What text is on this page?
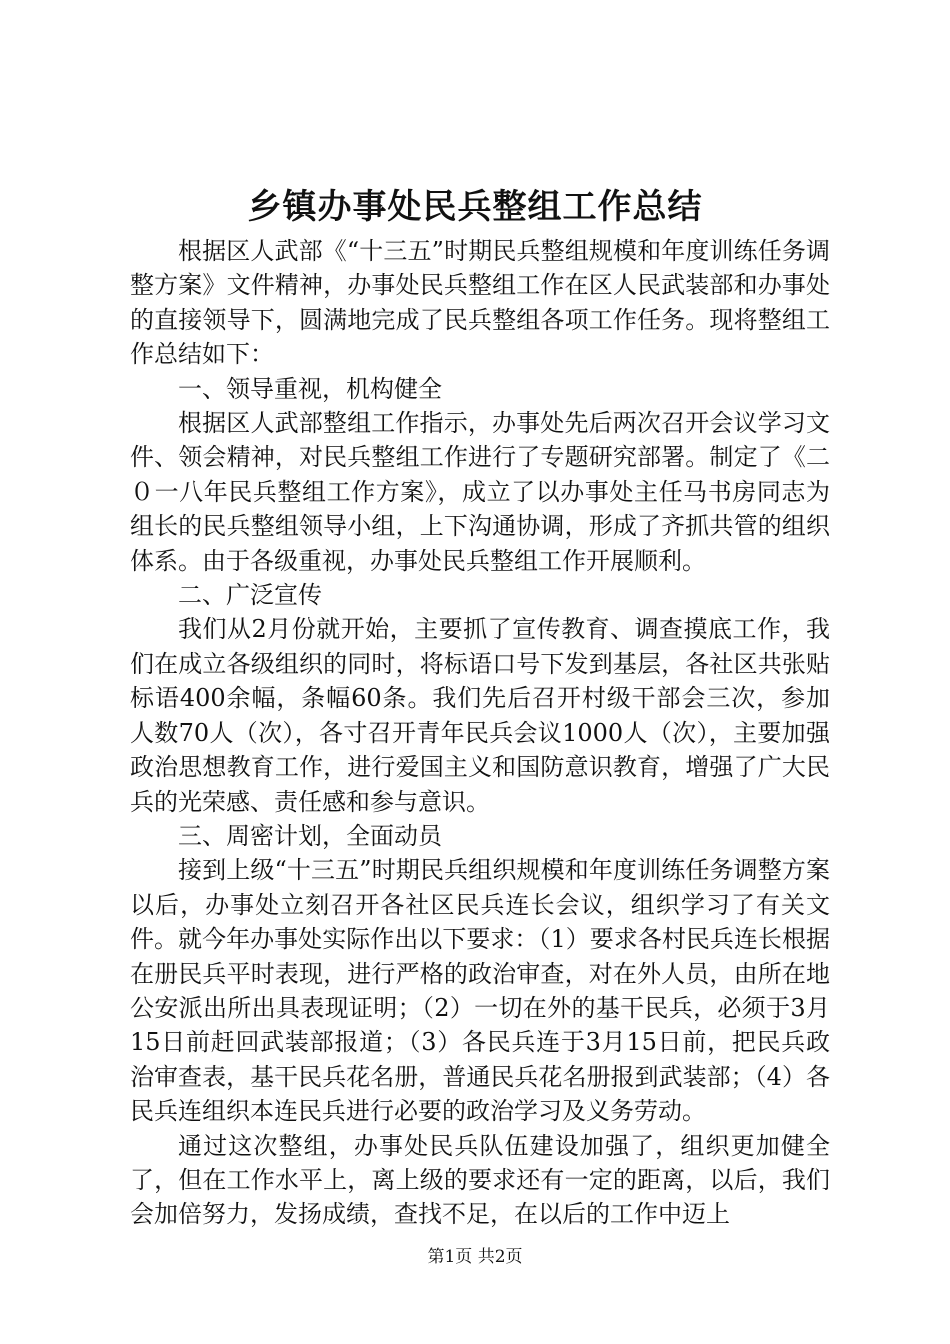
乡镇办事处民兵整组工作总结

根据区人武部《“十三五”时期民兵整组规模和年度训练任务调整方案》文件精神，办事处民兵整组工作在区人民武装部和办事处的直接领导下，圆满地完成了民兵整组各项工作任务。现将整组工作总结如下：

一、领导重视，机构健全

根据区人武部整组工作指示，办事处先后两次召开会议学习文件、领会精神，对民兵整组工作进行了专题研究部署。制定了《二０一八年民兵整组工作方案》，成立了以办事处主任马书房同志为组长的民兵整组领导小组，上下沟通协调，形成了齐抓共管的组织体系。由于各级重视，办事处民兵整组工作开展顺利。

二、广泛宣传

我们从2月份就开始，主要抓了宣传教育、调查摸底工作，我们在成立各级组织的同时，将标语口号下发到基层，各社区共张贴标语400余幅，条幅60条。我们先后召开村级干部会三次，参加人数70人（次），各寸召开青年民兵会议1000人（次），主要加强政治思想教育工作，进行爱国主义和国防意识教育，增强了广大民兵的光荣感、责任感和参与意识。

三、周密计划，全面动员

接到上级“十三五”时期民兵组织规模和年度训练任务调整方案以后，办事处立刻召开各社区民兵连长会议，组织学习了有关文件。就今年办事处实际作出以下要求：（1）要求各村民兵连长根据在册民兵平时表现，进行严格的政治审查，对在外人员，由所在地公安派出所出具表现证明；（2）一切在外的基干民兵，必须于3月15日前赶回武装部报道；（3）各民兵连于3月15日前，把民兵政治审查表，基干民兵花名册，普通民兵花名册报到武装部；（4）各民兵连组织本连民兵进行必要的政治学习及义务劳动。

通过这次整组，办事处民兵队伍建设加强了，组织更加健全了，但在工作水平上，离上级的要求还有一定的距离，以后，我们会加倍努力，发扬成绩，查找不足，在以后的工作中迈上

第1页 共2页
